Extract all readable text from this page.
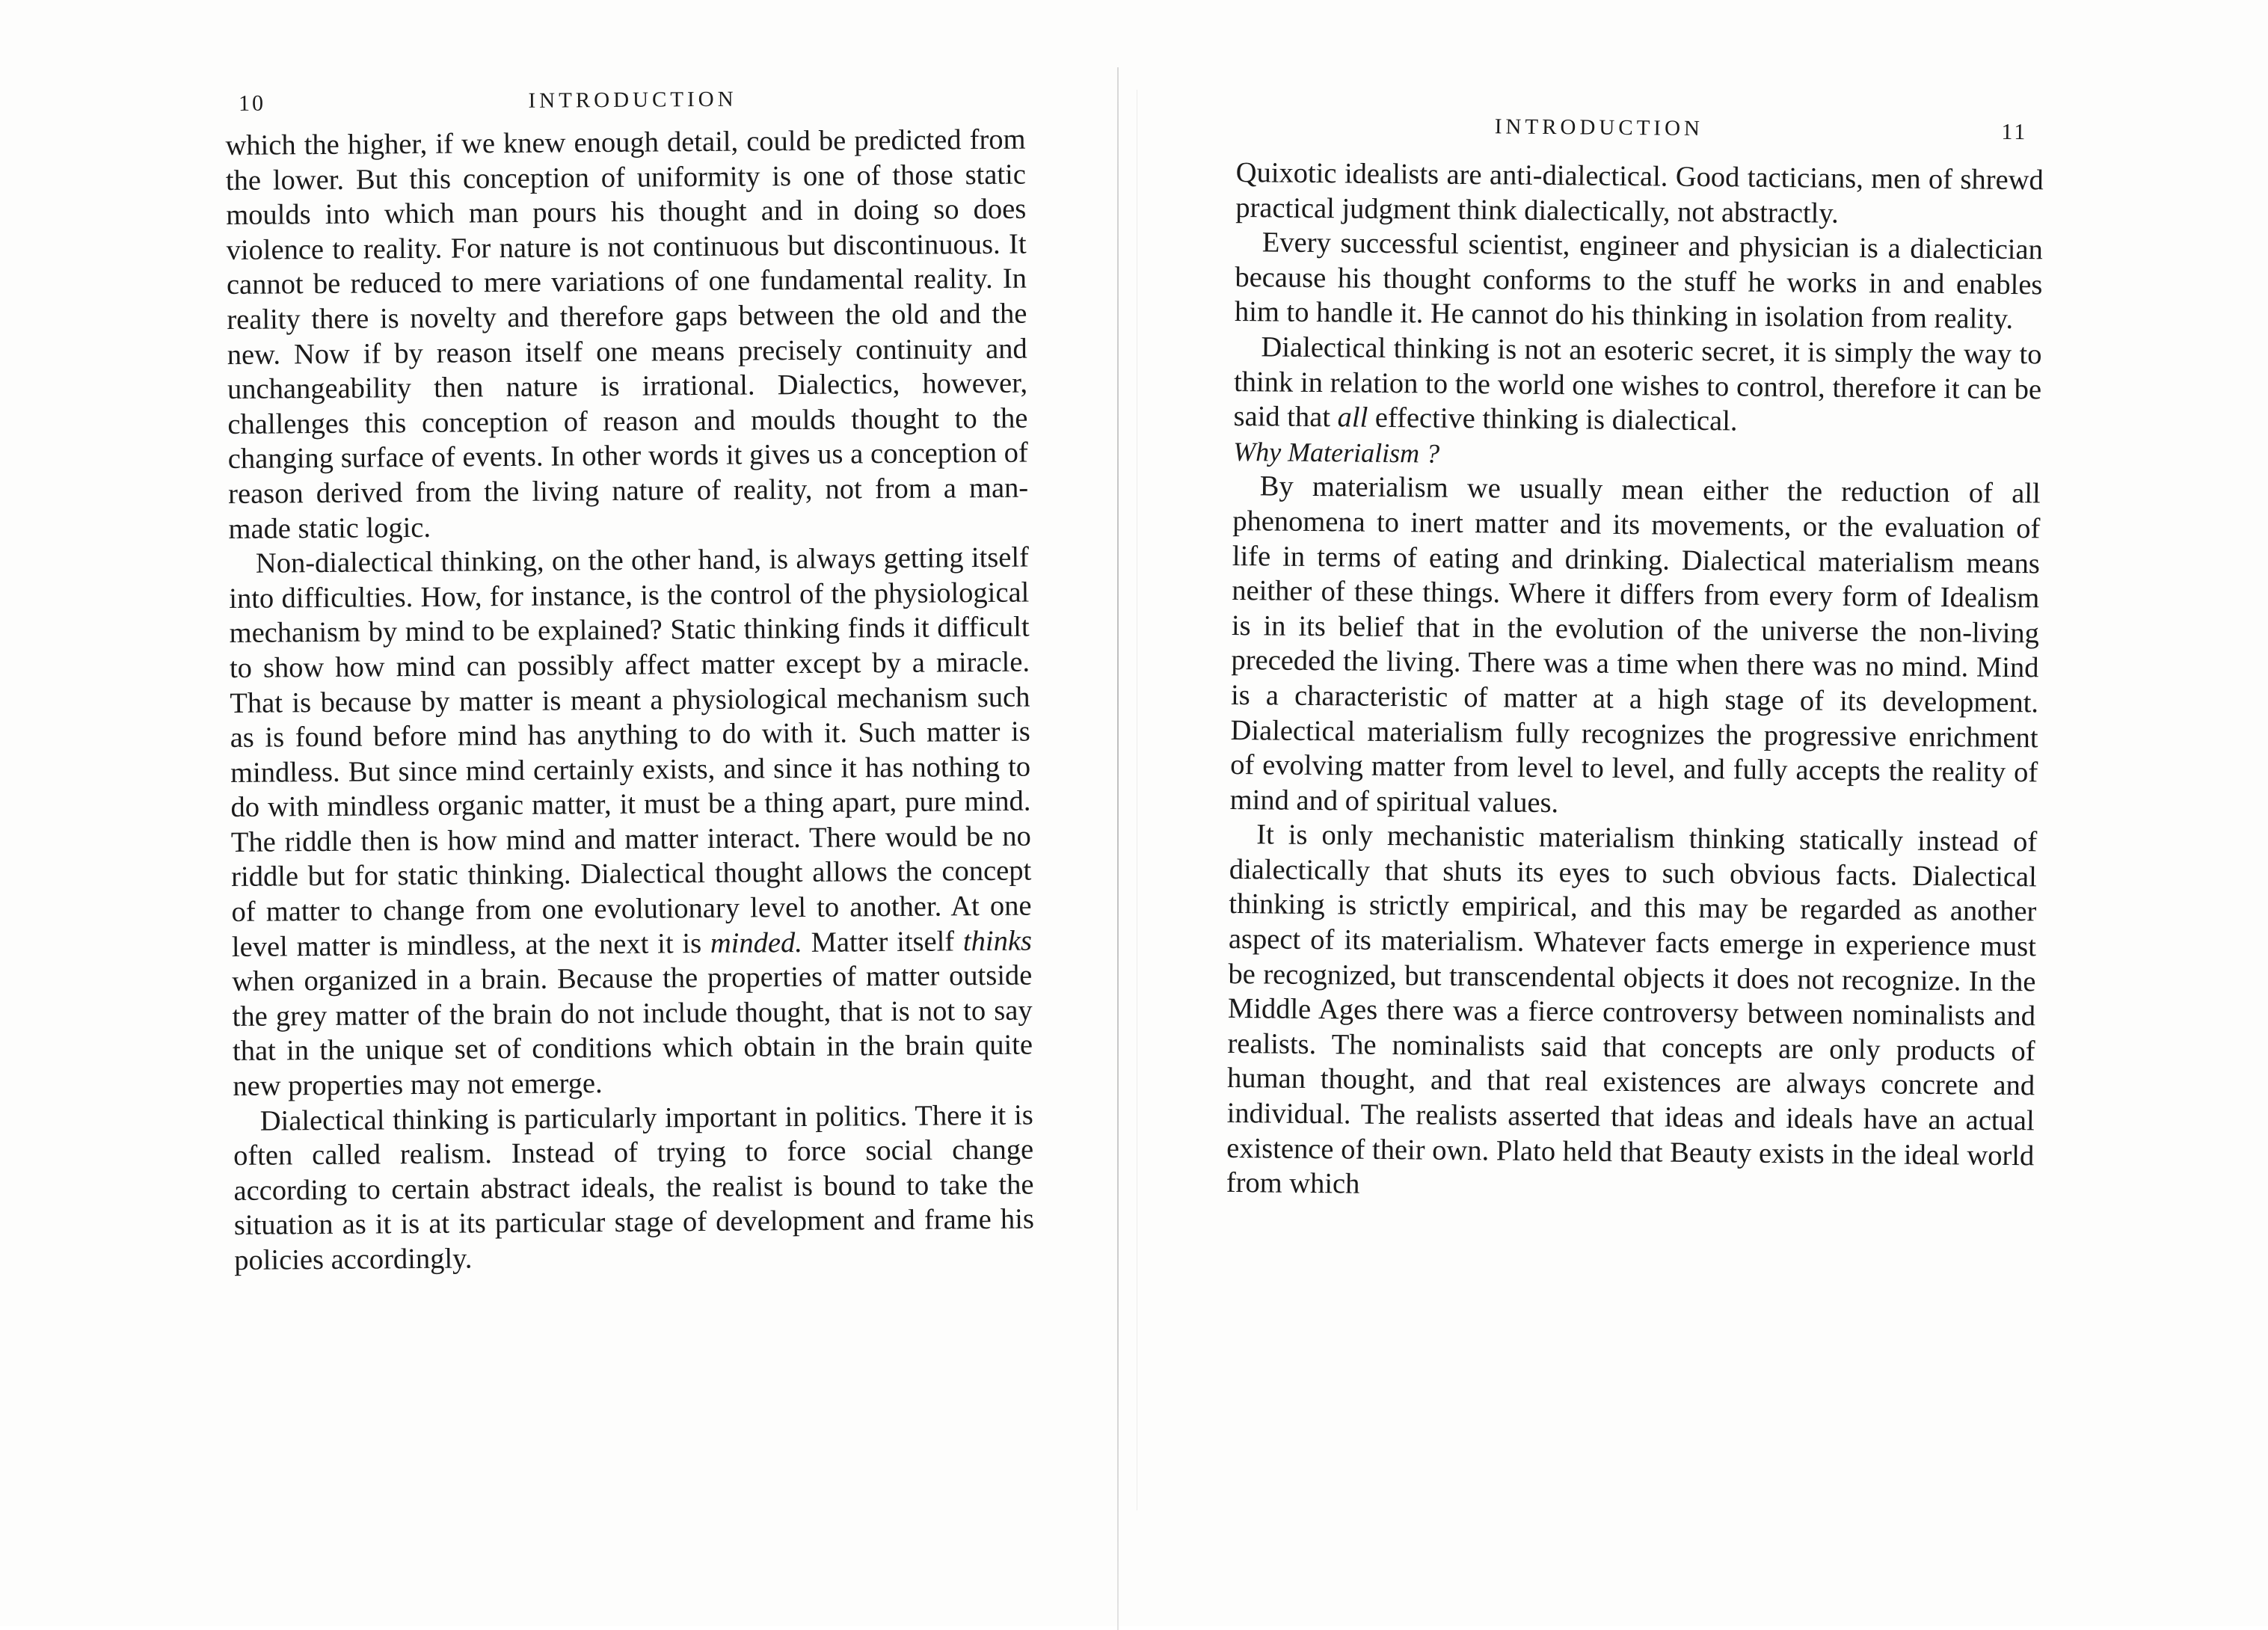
10	INTRODUCTION

which the higher, if we knew enough detail, could be predicted from the lower. But this conception of uniformity is one of those static moulds into which man pours his thought and in doing so does violence to reality. For nature is not continuous but discontinuous. It cannot be reduced to mere variations of one fundamental reality. In reality there is novelty and therefore gaps between the old and the new. Now if by reason itself one means precisely continuity and unchangeability then nature is irrational. Dialectics, however, challenges this conception of reason and moulds thought to the changing surface of events. In other words it gives us a conception of reason derived from the living nature of reality, not from a man-made static logic.

Non-dialectical thinking, on the other hand, is always getting itself into difficulties. How, for instance, is the control of the physiological mechanism by mind to be explained? Static thinking finds it difficult to show how mind can possibly affect matter except by a miracle. That is because by matter is meant a physiological mechanism such as is found before mind has anything to do with it. Such matter is mindless. But since mind certainly exists, and since it has nothing to do with mindless organic matter, it must be a thing apart, pure mind. The riddle then is how mind and matter interact. There would be no riddle but for static thinking. Dialectical thought allows the concept of matter to change from one evolutionary level to another. At one level matter is mindless, at the next it is minded. Matter itself thinks when organized in a brain. Because the properties of matter outside the grey matter of the brain do not include thought, that is not to say that in the unique set of conditions which obtain in the brain quite new properties may not emerge.

Dialectical thinking is particularly important in politics. There it is often called realism. Instead of trying to force social change according to certain abstract ideals, the realist is bound to take the situation as it is at its particular stage of development and frame his policies accordingly.

INTRODUCTION	11

Quixotic idealists are anti-dialectical. Good tacticians, men of shrewd practical judgment think dialectically, not abstractly.

Every successful scientist, engineer and physician is a dialectician because his thought conforms to the stuff he works in and enables him to handle it. He cannot do his thinking in isolation from reality.

Dialectical thinking is not an esoteric secret, it is simply the way to think in relation to the world one wishes to control, therefore it can be said that all effective thinking is dialectical.

Why Materialism ?

By materialism we usually mean either the reduction of all phenomena to inert matter and its movements, or the evaluation of life in terms of eating and drinking. Dialectical materialism means neither of these things. Where it differs from every form of Idealism is in its belief that in the evolution of the universe the non-living preceded the living. There was a time when there was no mind. Mind is a characteristic of matter at a high stage of its development. Dialectical materialism fully recognizes the progressive enrichment of evolving matter from level to level, and fully accepts the reality of mind and of spiritual values.

It is only mechanistic materialism thinking statically instead of dialectically that shuts its eyes to such obvious facts. Dialectical thinking is strictly empirical, and this may be regarded as another aspect of its materialism. Whatever facts emerge in experience must be recognized, but transcendental objects it does not recognize. In the Middle Ages there was a fierce controversy between nominalists and realists. The nominalists said that concepts are only products of human thought, and that real existences are always concrete and individual. The realists asserted that ideas and ideals have an actual existence of their own. Plato held that Beauty exists in the ideal world from which
